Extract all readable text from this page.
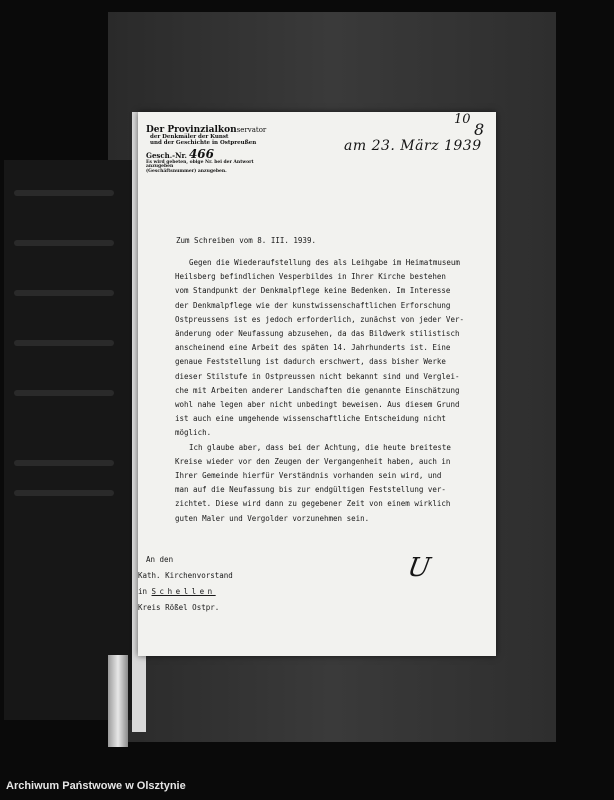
Der Provinzialkonservator
der Denkmäler der Kunst
und der Geschichte in Ostpreußen
Gesch.-Nr. 466
Es wird gebeten, obige Nr. bei der Antwort anzugeben
(Geschäftsnummer) anzugeben.
10
8
am 23. März 1939
Zum Schreiben vom 8. III. 1939.
Gegen die Wiederaufstellung des als Leihgabe im Heimatmuseum
Heilsberg befindlichen Vesperbildes in Ihrer Kirche bestehen
vom Standpunkt der Denkmalpflege keine Bedenken. Im Interesse
der Denkmalpflege wie der kunstwissenschaftlichen Erforschung
Ostpreussens ist es jedoch erforderlich, zunächst von jeder Ver-
änderung oder Neufassung abzusehen, da das Bildwerk stilistisch
anscheinend eine Arbeit des späten 14. Jahrhunderts ist. Eine
genaue Feststellung ist dadurch erschwert, dass bisher Werke
dieser Stilstufe in Ostpreussen nicht bekannt sind und Verglei-
che mit Arbeiten anderer Landschaften die genannte Einschätzung
wohl nahe legen aber nicht unbedingt beweisen. Aus diesem Grund
ist auch eine umgehende wissenschaftliche Entscheidung nicht
möglich.
Ich glaube aber, dass bei der Achtung, die heute breiteste
Kreise wieder vor den Zeugen der Vergangenheit haben, auch in
Ihrer Gemeinde hierfür Verständnis vorhanden sein wird, und
man auf die Neufassung bis zur endgültigen Feststellung ver-
zichtet. Diese wird dann zu gegebener Zeit von einem wirklich
guten Maler und Vergolder vorzunehmen sein.
U
An den
Kath. Kirchenvorstand
in Schellen
Kreis Rößel Ostpr.
Archiwum Państwowe w Olsztynie
